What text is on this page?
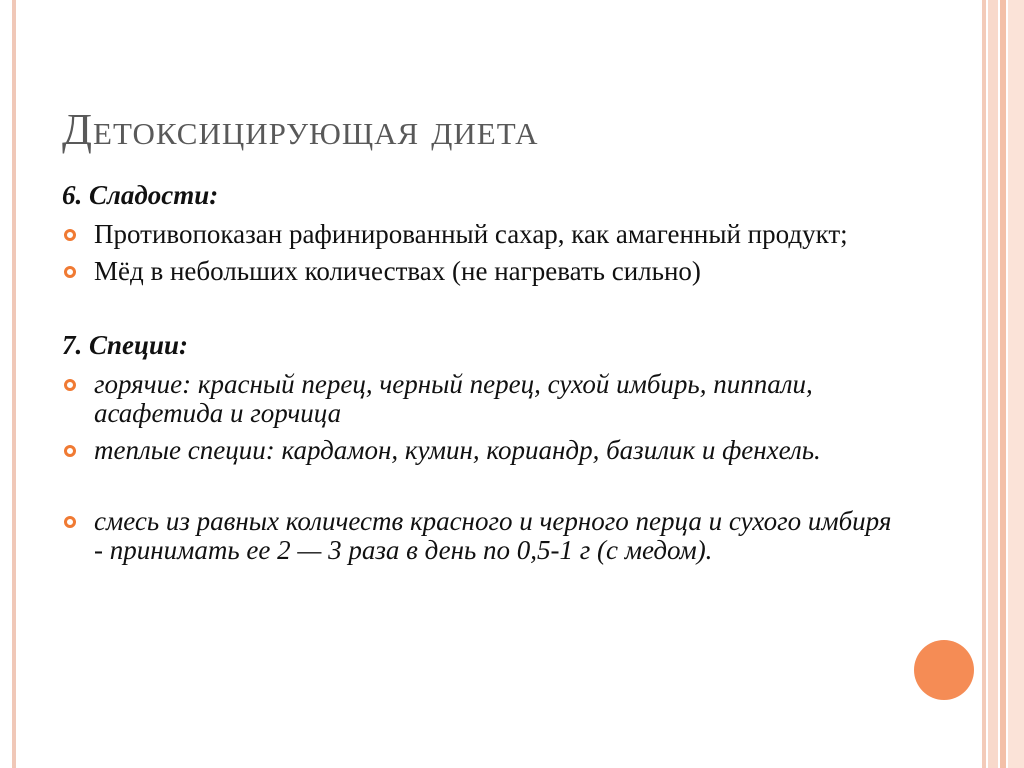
Детоксицирующая диета
6. Сладости:
Противопоказан рафинированный сахар, как амагенный продукт;
Мёд в небольших количествах (не нагревать сильно)
7. Специи:
горячие: красный перец, черный перец, сухой имбирь, пиппали, асафетида и горчица
теплые специи: кардамон, кумин, кориандр, базилик и фенхель.
смесь из равных количеств красного и черного перца и сухого имбиря - принимать ее 2 — 3 раза в день по 0,5-1 г (с медом).
